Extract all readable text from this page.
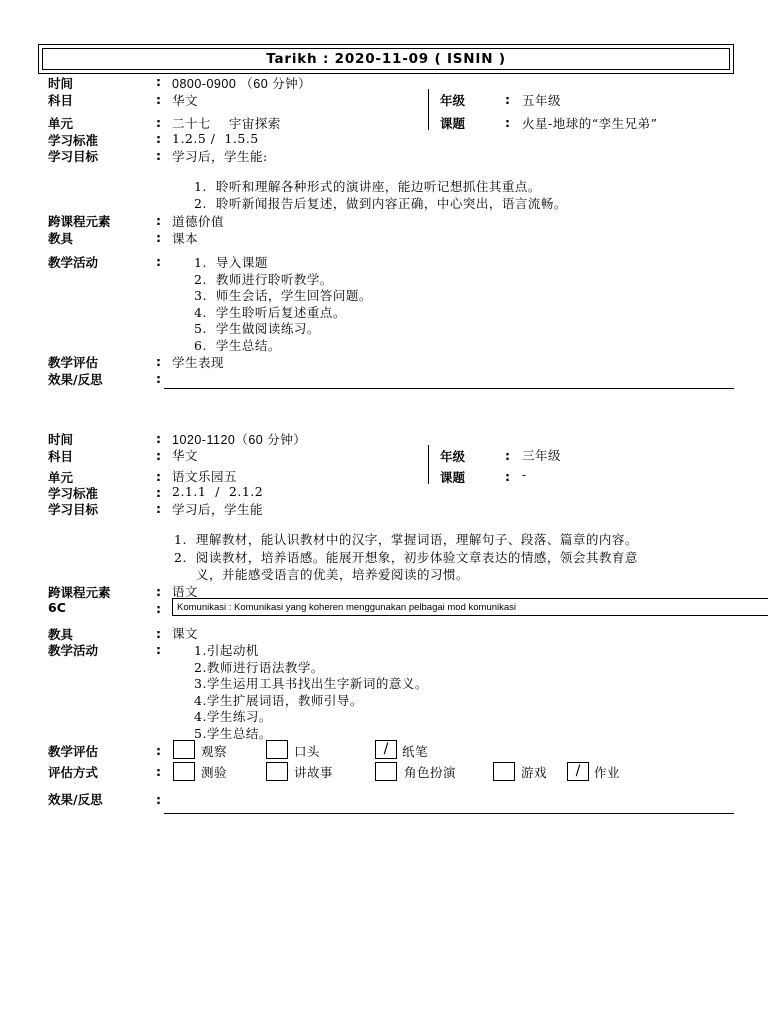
Tarikh : 2020-11-09 ( ISNIN )
时间	: 0800-0900 （60 分钟）
科目	: 华文	年级	: 五年级
单元	: 二十七    宇宙探索	课题	: 火星-地球的“孪生兄弟”
学习标准	: 1.2.5 /  1.5.5
学习目标	: 学习后，学生能:
1.  聆听和理解各种形式的演讲座，能边听记想抓住其重点。
2.  聆听新闻报告后复述，做到内容正确，中心突出，语言流畅。
跨课程元素	: 道德价值
教具	: 课本
教学活动	:	1.  导入课题
2.  教师进行聆听教学。
3.  师生会话，学生回答问题。
4.  学生聆听后复述重点。
5.  学生做阅读练习。
6.  学生总结。
教学评估	: 学生表现
效果/反思	:
时间	: 1020-1120（60 分钟）
科目	: 华文	年级	: 三年级
单元	: 语文乐园五	课题	: -
学习标准	: 2.1.1  /  2.1.2
学习目标	: 学习后，学生能
1.  理解教材，能认识教材中的汉字，掌握词语，理解句子、段落、篇章的内容。
2.  阅读教材，培养语感。能展开想象，初步体验文章表达的情感，领会其教育意
义，并能感受语言的优美，培养爱阅读的习惯。
跨课程元素	: 语文
6C	:	Komunikasi : Komunikasi yang koheren menggunakan pelbagai mod komunikasi
教具	: 课文
教学活动	:	1.引起动机
2.教师进行语法教学。
3.学生运用工具书找出生字新词的意义。
4.学生扩展词语，教师引导。
4.学生练习。
5.学生总结。
教学评估	:	观察	口头	/	纸笔
评估方式	:	测验	讲故事	角色扮演	游戏	/	作业
效果/反思	:
